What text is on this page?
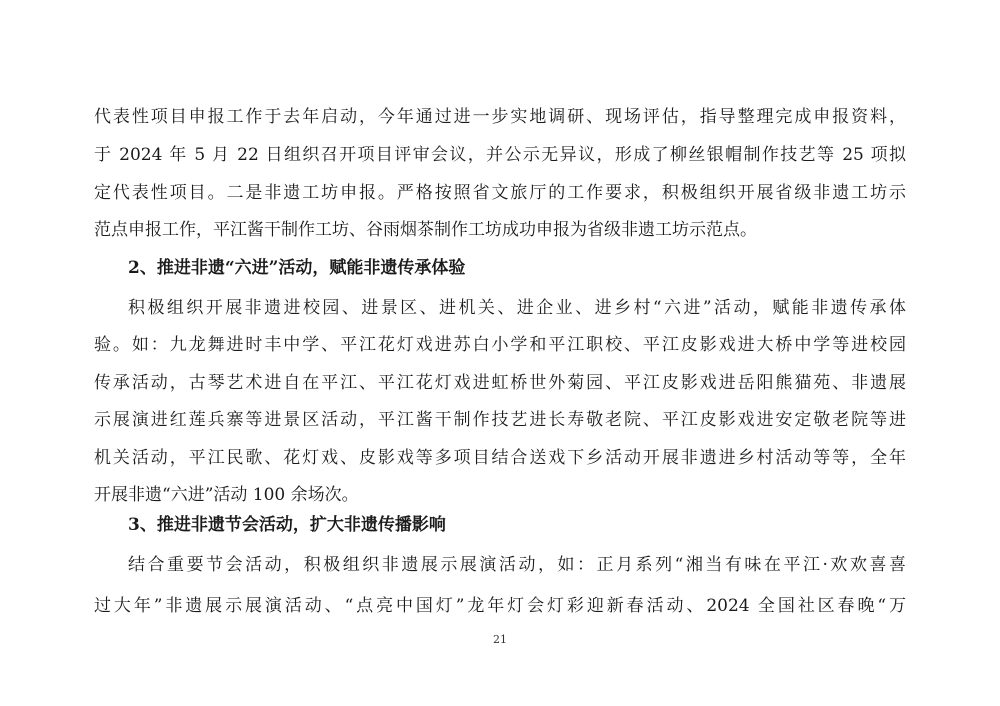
代表性项目申报工作于去年启动，今年通过进一步实地调研、现场评估，指导整理完成申报资料，
于 2024 年 5 月 22 日组织召开项目评审会议，并公示无异议，形成了柳丝银帽制作技艺等 25 项拟
定代表性项目。二是非遗工坊申报。严格按照省文旅厅的工作要求，积极组织开展省级非遗工坊示
范点申报工作，平江酱干制作工坊、谷雨烟茶制作工坊成功申报为省级非遗工坊示范点。
2、推进非遗“六进”活动，赋能非遗传承体验
积极组织开展非遗进校园、进景区、进机关、进企业、进乡村“六进”活动，赋能非遗传承体
验。如：九龙舞进时丰中学、平江花灯戏进苏白小学和平江职校、平江皮影戏进大桥中学等进校园
传承活动，古琴艺术进自在平江、平江花灯戏进虹桥世外菊园、平江皮影戏进岳阳熊猫苑、非遗展
示展演进红莲兵寨等进景区活动，平江酱干制作技艺进长寿敬老院、平江皮影戏进安定敬老院等进
机关活动，平江民歌、花灯戏、皮影戏等多项目结合送戏下乡活动开展非遗进乡村活动等等，全年
开展非遗“六进”活动 100 余场次。
3、推进非遗节会活动，扩大非遗传播影响
结合重要节会活动，积极组织非遗展示展演活动，如：正月系列“湘当有味在平江·欢欢喜喜
21
过大年”非遗展示展演活动、“点亮中国灯”龙年灯会灯彩迎新春活动、2024 全国社区春晚“万
